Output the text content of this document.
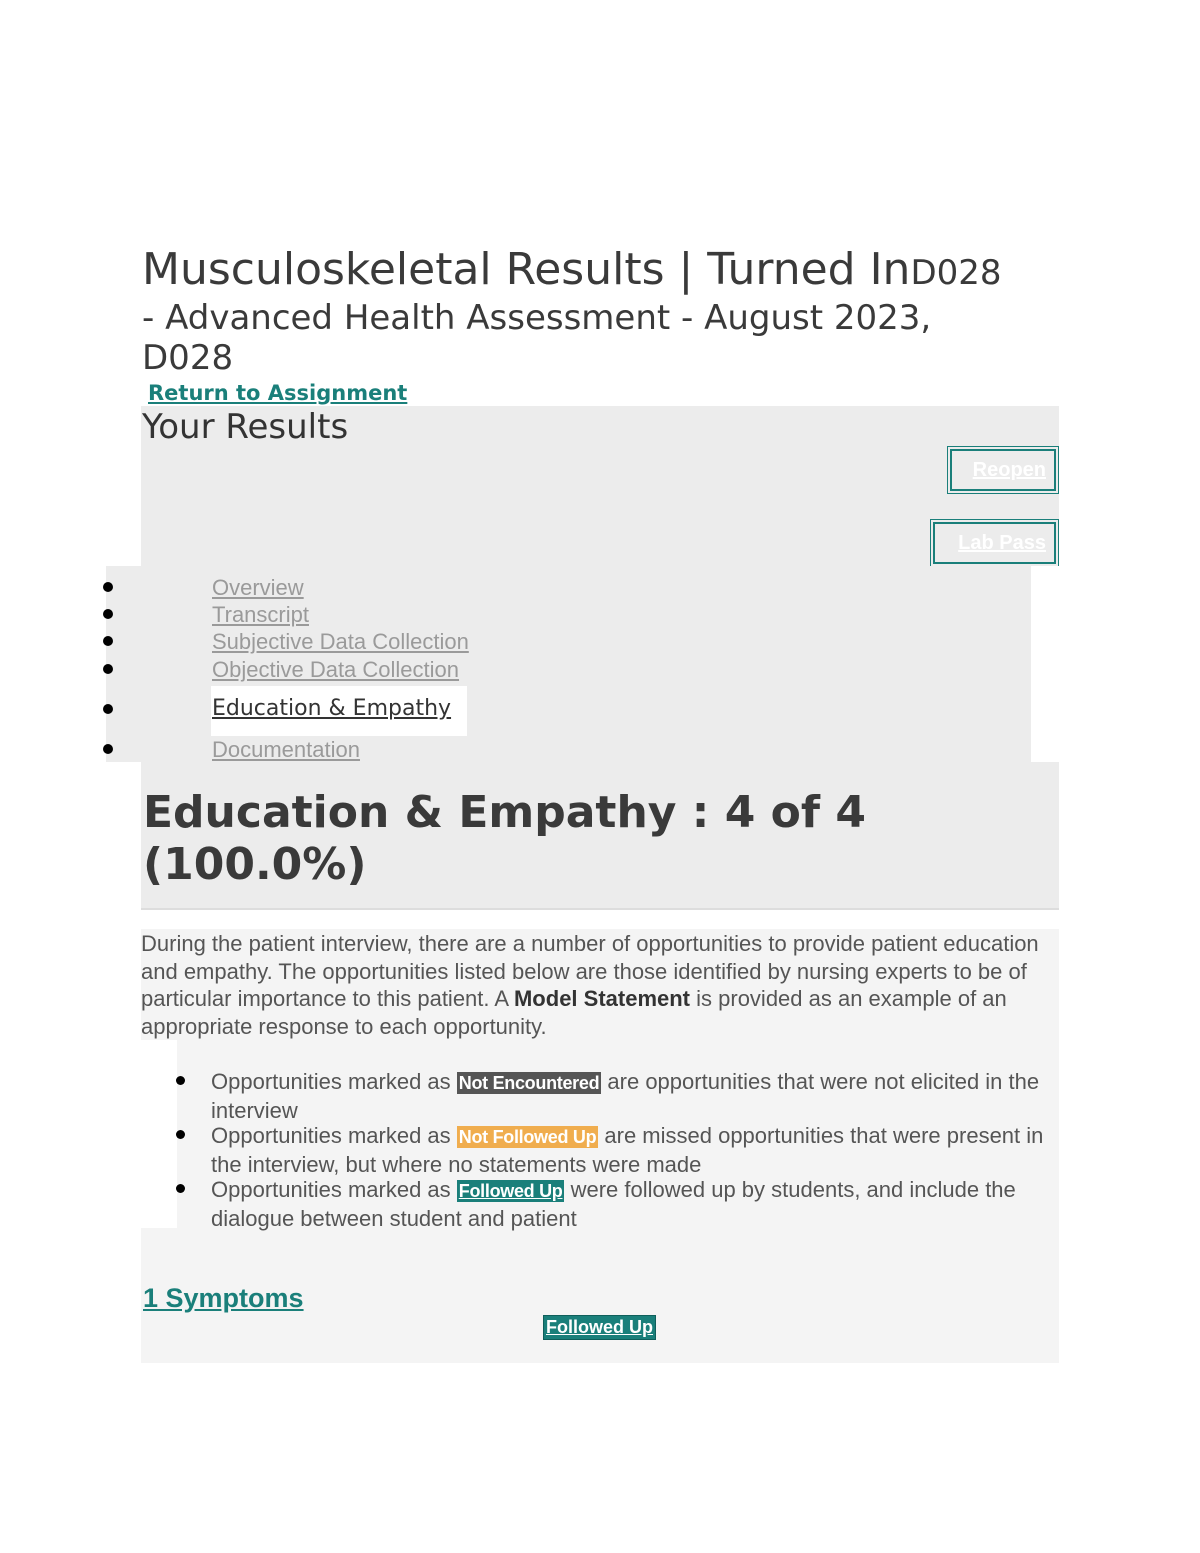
Musculoskeletal Results | Turned InD028
- Advanced Health Assessment - August 2023,
D028
Return to Assignment
Your Results
Reopen
Lab Pass
Overview
Transcript
Subjective Data Collection
Objective Data Collection
Education & Empathy
Documentation
Education & Empathy : 4 of 4
(100.0%)
During the patient interview, there are a number of opportunities to provide patient education and empathy. The opportunities listed below are those identified by nursing experts to be of particular importance to this patient. A Model Statement is provided as an example of an appropriate response to each opportunity.
Opportunities marked as Not Encountered are opportunities that were not elicited in the interview
Opportunities marked as Not Followed Up are missed opportunities that were present in the interview, but where no statements were made
Opportunities marked as Followed Up were followed up by students, and include the dialogue between student and patient
1 Symptoms
Followed Up
